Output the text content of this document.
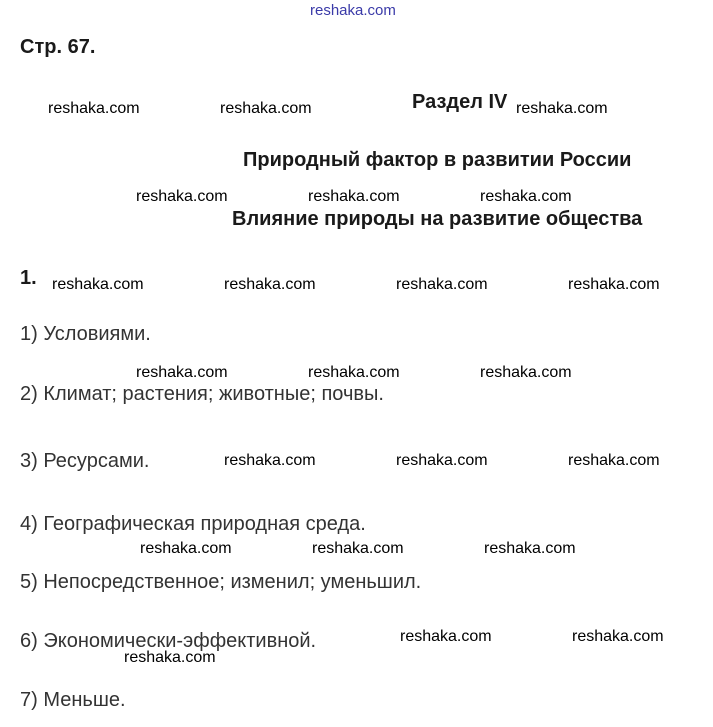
reshaka.com
Стр. 67.
Раздел IV
Природный фактор в развитии России
Влияние природы на развитие общества
1.
1) Условиями.
2) Климат; растения; животные; почвы.
3) Ресурсами.
4) Географическая природная среда.
5) Непосредственное; изменил; уменьшил.
6) Экономически-эффективной.
7) Меньше.
reshaka.com	reshaka.com	reshaka.com
reshaka.com	reshaka.com	reshaka.com
reshaka.com	reshaka.com	reshaka.com	reshaka.com
reshaka.com	reshaka.com	reshaka.com
reshaka.com	reshaka.com	reshaka.com
reshaka.com	reshaka.com	reshaka.com
reshaka.com	reshaka.com
reshaka.com
